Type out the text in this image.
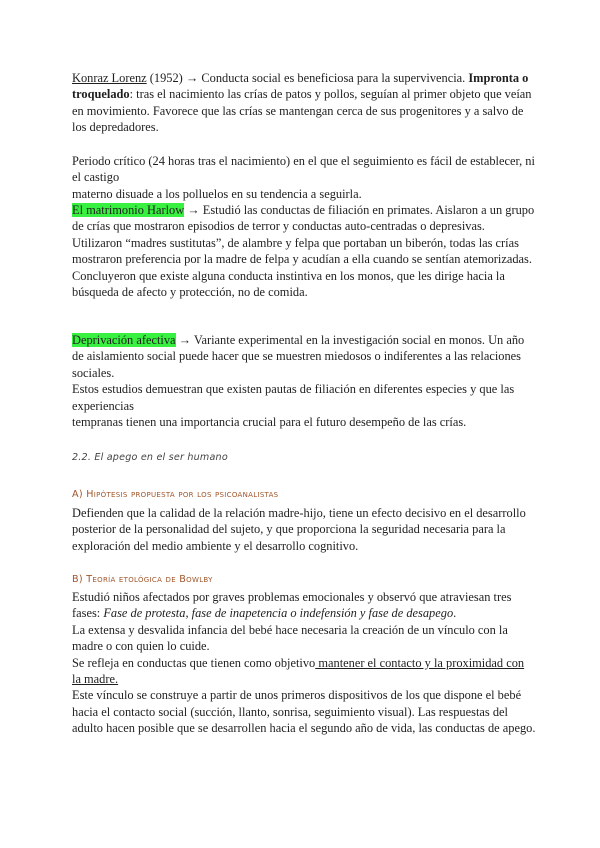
Konraz Lorenz (1952) → Conducta social es beneficiosa para la supervivencia. Impronta o troquelado: tras el nacimiento las crías de patos y pollos, seguían al primer objeto que veían en movimiento. Favorece que las crías se mantengan cerca de sus progenitores y a salvo de los depredadores.

Periodo crítico (24 horas tras el nacimiento) en el que el seguimiento es fácil de establecer, ni el castigo

materno disuade a los polluelos en su tendencia a seguirla.

El matrimonio Harlow → Estudió las conductas de filiación en primates. Aislaron a un grupo de crías que mostraron episodios de terror y conductas auto-centradas o depresivas. Utilizaron “madres sustitutas”, de alambre y felpa que portaban un biberón, todas las crías mostraron preferencia por la madre de felpa y acudían a ella cuando se sentían atemorizadas.

Concluyeron que existe alguna conducta instintiva en los monos, que les dirige hacia la búsqueda de afecto y protección, no de comida.

Deprivación afectiva → Variante experimental en la investigación social en monos. Un año de aislamiento social puede hacer que se muestren miedosos o indiferentes a las relaciones sociales.

Estos estudios demuestran que existen pautas de filiación en diferentes especies y que las experiencias

tempranas tienen una importancia crucial para el futuro desempeño de las crías.

2.2. El apego en el ser humano
A) Hipótesis propuesta por los psicoanalistas

Defienden que la calidad de la relación madre-hijo, tiene un efecto decisivo en el desarrollo posterior de la personalidad del sujeto, y que proporciona la seguridad necesaria para la exploración del medio ambiente y el desarrollo cognitivo.

B) Teoría etológica de Bowlby

Estudió niños afectados por graves problemas emocionales y observó que atraviesan tres fases: Fase de protesta, fase de inapetencia o indefensión y fase de desapego.

La extensa y desvalida infancia del bebé hace necesaria la creación de un vínculo con la madre o con quien lo cuide.

Se refleja en conductas que tienen como objetivo mantener el contacto y la proximidad con la madre.

Este vínculo se construye a partir de unos primeros dispositivos de los que dispone el bebé hacia el contacto social (succión, llanto, sonrisa, seguimiento visual). Las respuestas del adulto hacen posible que se desarrollen hacia el segundo año de vida, las conductas de apego.
